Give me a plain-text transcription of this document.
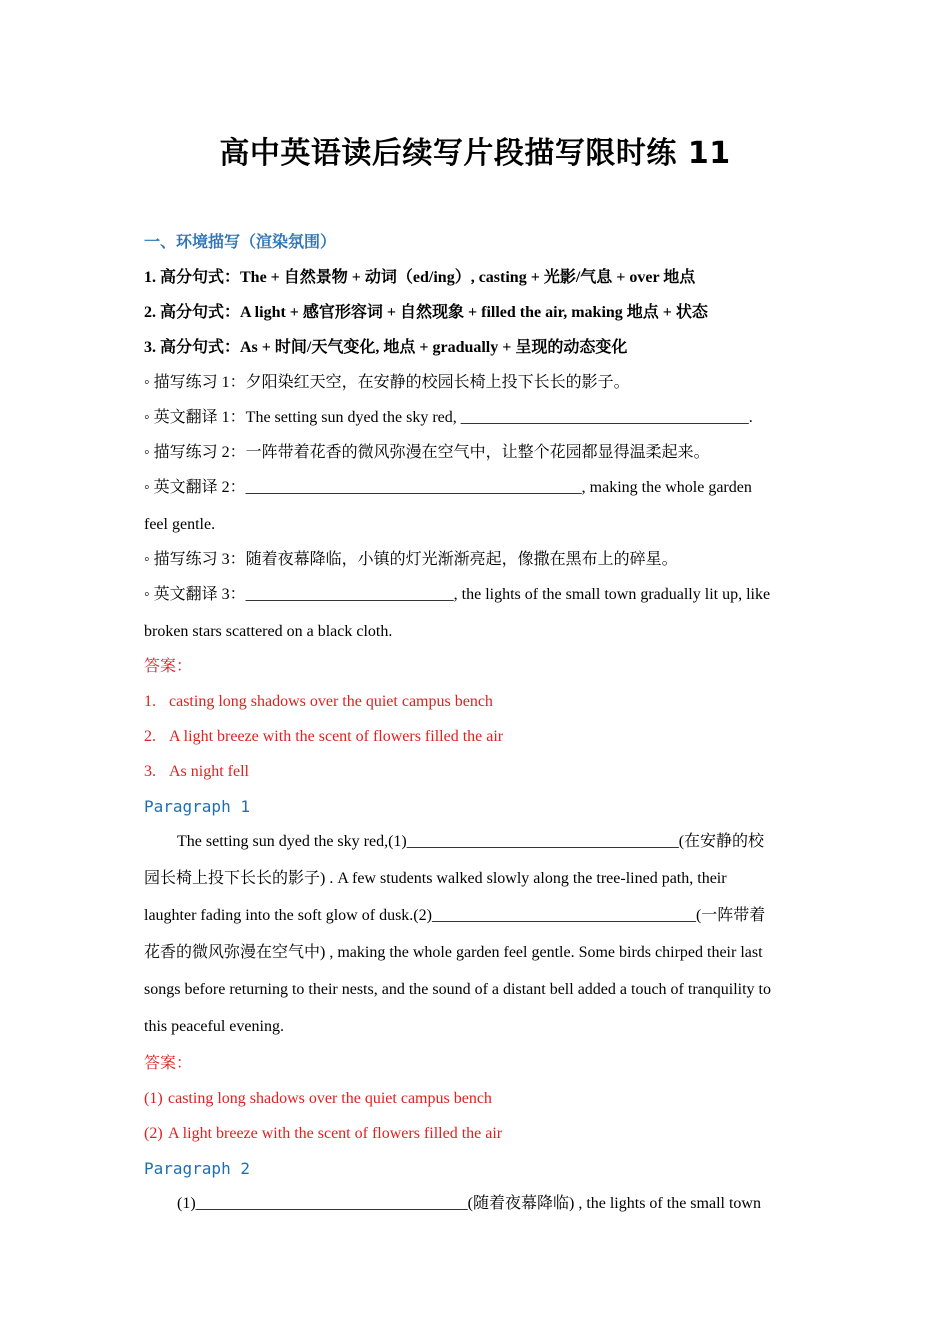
高中英语读后续写片段描写限时练 11
一、环境描写（渲染氛围）
1. 高分句式：The + 自然景物 + 动词（ed/ing）, casting + 光影/气息 + over 地点
2. 高分句式：A light + 感官形容词 + 自然现象 + filled the air, making 地点 + 状态
3. 高分句式：As + 时间/天气变化, 地点 + gradually + 呈现的动态变化
◦ 描写练习 1：夕阳染红天空，在安静的校园长椅上投下长长的影子。
◦ 英文翻译 1：The setting sun dyed the sky red, ____________________________________.
◦ 描写练习 2：一阵带着花香的微风弥漫在空气中，让整个花园都显得温柔起来。
◦ 英文翻译 2：__________________________________________, making the whole garden
feel gentle.
◦ 描写练习 3：随着夜幕降临，小镇的灯光渐渐亮起，像撒在黑布上的碎星。
◦ 英文翻译 3：__________________________, the lights of the small town gradually lit up, like
broken stars scattered on a black cloth.
答案：
1. casting long shadows over the quiet campus bench
2. A light breeze with the scent of flowers filled the air
3. As night fell
Paragraph 1
The setting sun dyed the sky red,(1)__________________________________(在安静的校
园长椅上投下长长的影子) . A few students walked slowly along the tree-lined path, their
laughter fading into the soft glow of dusk.(2)_________________________________(一阵带着
花香的微风弥漫在空气中) , making the whole garden feel gentle. Some birds chirped their last
songs before returning to their nests, and the sound of a distant bell added a touch of tranquility to
this peaceful evening.
答案：
(1) casting long shadows over the quiet campus bench
(2) A light breeze with the scent of flowers filled the air
Paragraph 2
(1)__________________________________(随着夜幕降临) , the lights of the small town
